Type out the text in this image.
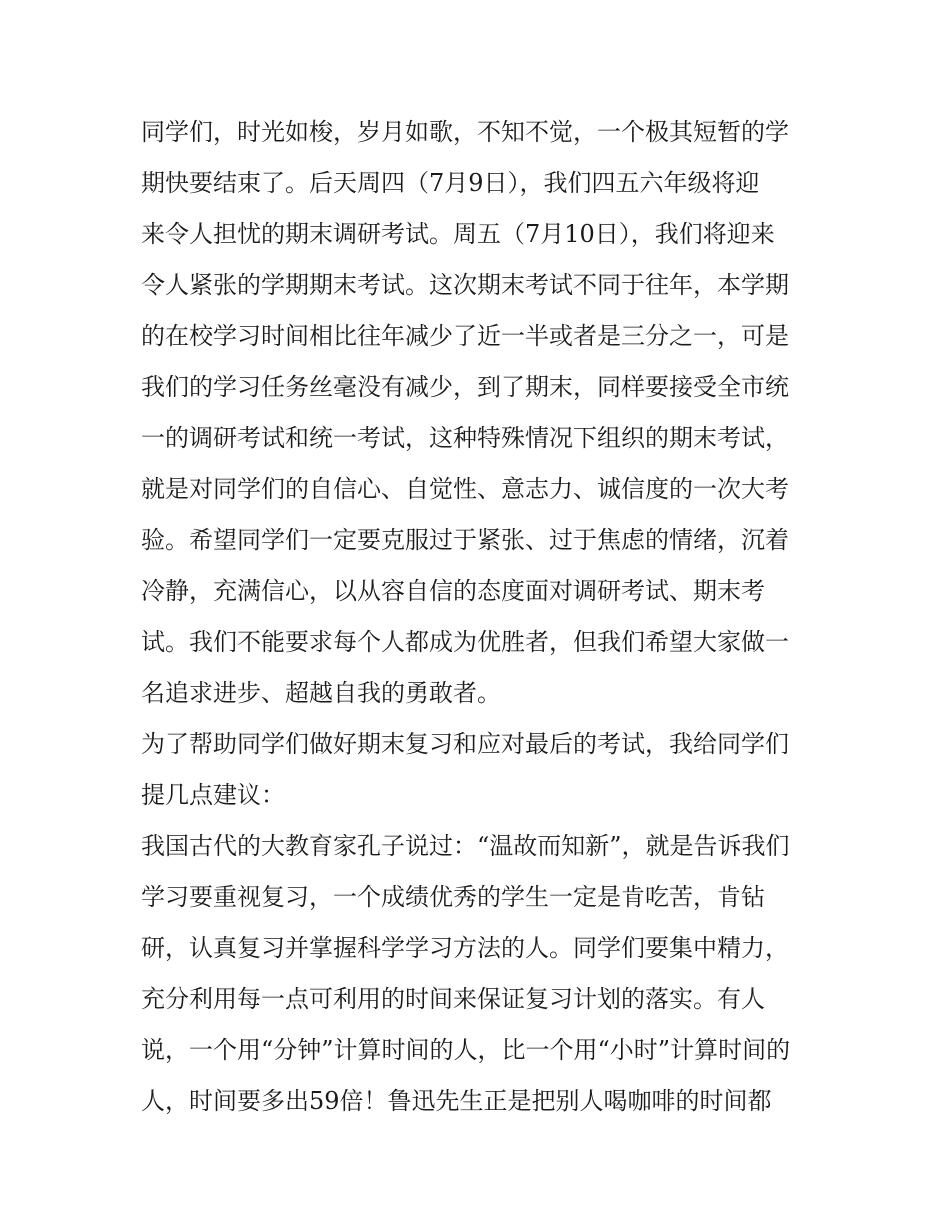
同学们，时光如梭，岁月如歌，不知不觉，一个极其短暂的学
期快要结束了。后天周四（7月9日），我们四五六年级将迎
来令人担忧的期末调研考试。周五（7月10日），我们将迎来
令人紧张的学期期末考试。这次期末考试不同于往年，本学期
的在校学习时间相比往年减少了近一半或者是三分之一，可是
我们的学习任务丝毫没有减少，到了期末，同样要接受全市统
一的调研考试和统一考试，这种特殊情况下组织的期末考试，
就是对同学们的自信心、自觉性、意志力、诚信度的一次大考
验。希望同学们一定要克服过于紧张、过于焦虑的情绪，沉着
冷静，充满信心，以从容自信的态度面对调研考试、期末考
试。我们不能要求每个人都成为优胜者，但我们希望大家做一
名追求进步、超越自我的勇敢者。
为了帮助同学们做好期末复习和应对最后的考试，我给同学们
提几点建议：
我国古代的大教育家孔子说过：“温故而知新”，就是告诉我们
学习要重视复习，一个成绩优秀的学生一定是肯吃苦，肯钻
研，认真复习并掌握科学学习方法的人。同学们要集中精力，
充分利用每一点可利用的时间来保证复习计划的落实。有人
说，一个用“分钟”计算时间的人，比一个用“小时”计算时间的
人，时间要多出59倍！鲁迅先生正是把别人喝咖啡的时间都
